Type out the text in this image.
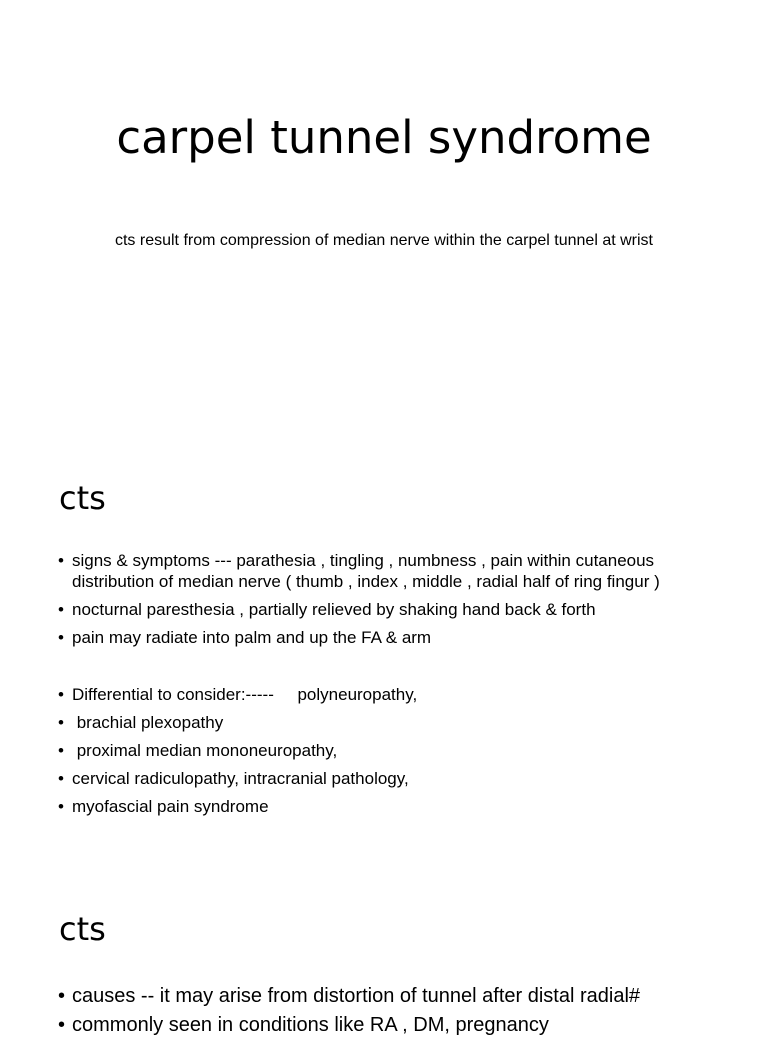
carpel tunnel syndrome

cts result from compression of median nerve within the carpel tunnel at wrist

cts
• signs & symptoms --- parathesia , tingling , numbness , pain within cutaneous distribution of median nerve ( thumb , index , middle , radial half of ring fingur )
• nocturnal paresthesia , partially relieved by shaking hand back & forth
• pain may radiate into palm and up the FA & arm
• Differential to consider:-----     polyneuropathy,
• brachial plexopathy
• proximal median mononeuropathy,
• cervical radiculopathy, intracranial pathology,
• myofascial pain syndrome
cts
• causes -- it may arise from distortion of tunnel after distal radial#
• commonly seen in conditions like RA , DM, pregnancy
